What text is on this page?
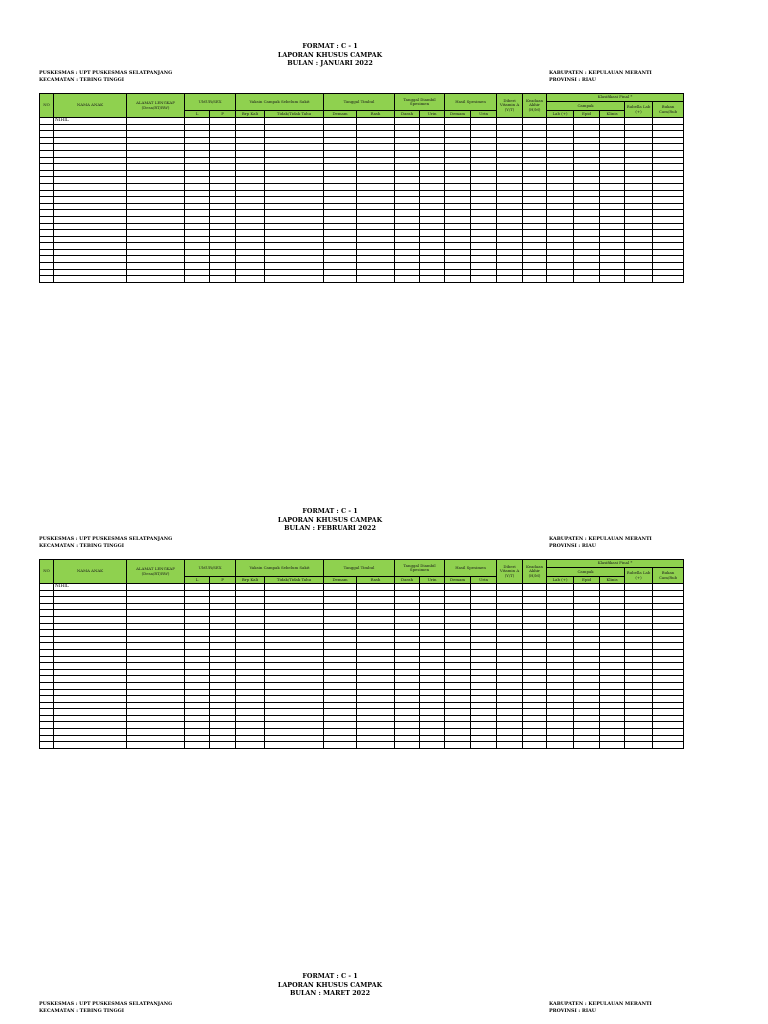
FORMAT : C - 1
LAPORAN KHUSUS CAMPAK
BULAN : JANUARI 2022
PUSKESMAS : UPT PUSKESMAS SELATPANJANG
KECAMATAN : TEBING TINGGI
KABUPATEN : KEPULAUAN MERANTI
PROVINSI : RIAU
NO	NAMA ANAK	ALAMAT LENGKAP (Desa/RT/RW)	UMUR/SEX		Vaksin Campak Sebelum Sakit		Tanggal Timbul		Tanggal Diambil Spesimen		Hasil Spesimen		Diberi Vitamin A (Y/T)	Keadaan Akhir (H/M)	Klasifikasi Final *				
															Campak			Rubella Lab (+)	Bukan Cam/Rub
			L	P	Brp Kali	Tidak/Tidak Tahu	Demam	Rash	Darah	Urin	Demam	Urin			Lab (+)	Epid	Klinis		
	NIHIL																		

FORMAT : C - 1
LAPORAN KHUSUS CAMPAK
BULAN : FEBRUARI 2022
PUSKESMAS : UPT PUSKESMAS SELATPANJANG
KECAMATAN : TEBING TINGGI
KABUPATEN : KEPULAUAN MERANTI
PROVINSI : RIAU
NO	NAMA ANAK	ALAMAT LENGKAP (Desa/RT/RW)	UMUR/SEX		Vaksin Campak Sebelum Sakit		Tanggal Timbul		Tanggal Diambil Spesimen		Hasil Spesimen		Diberi Vitamin A (Y/T)	Keadaan Akhir (H/M)	Klasifikasi Final *				
															Campak			Rubella Lab (+)	Bukan Cam/Rub
			L	P	Brp Kali	Tidak/Tidak Tahu	Demam	Rash	Darah	Urin	Demam	Urin			Lab (+)	Epid	Klinis		
	NIHIL																		

FORMAT : C - 1
LAPORAN KHUSUS CAMPAK
BULAN : MARET 2022
PUSKESMAS : UPT PUSKESMAS SELATPANJANG
KECAMATAN : TEBING TINGGI
KABUPATEN : KEPULAUAN MERANTI
PROVINSI : RIAU
